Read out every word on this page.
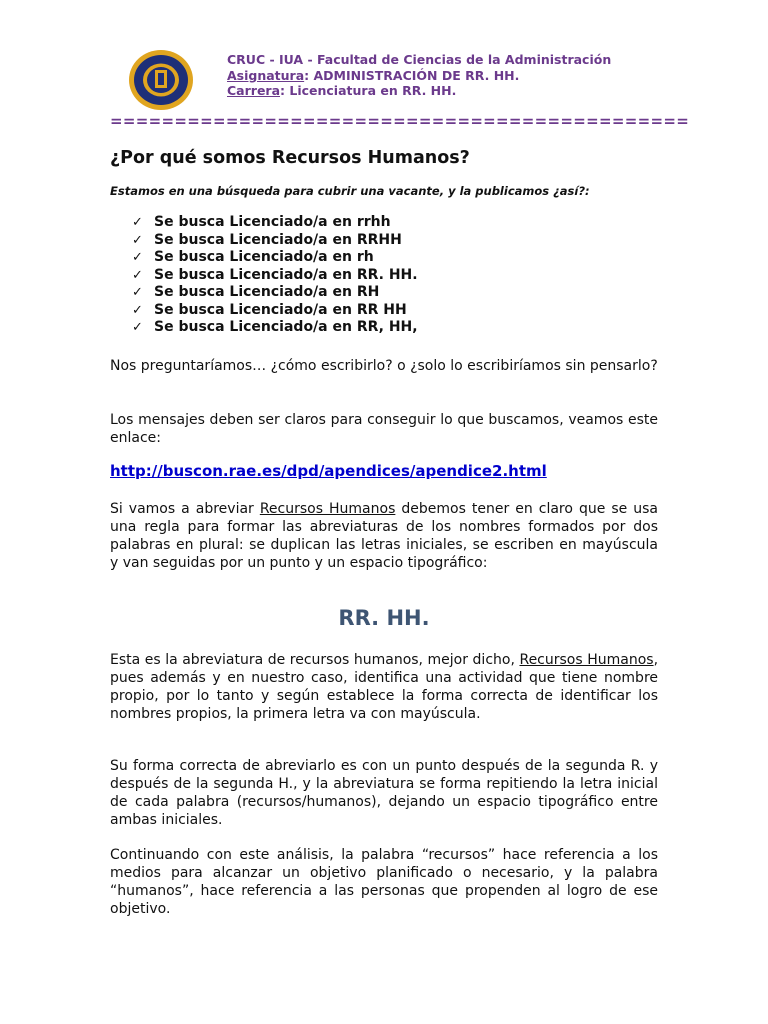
CRUC - IUA - Facultad de Ciencias de la Administración
Asignatura: ADMINISTRACIÓN DE RR. HH.
Carrera: Licenciatura en RR. HH.
=============================================
¿Por qué somos Recursos Humanos?
Estamos en una búsqueda para cubrir una vacante, y la publicamos ¿así?:
✓ Se busca Licenciado/a en rrhh
✓ Se busca Licenciado/a en RRHH
✓ Se busca Licenciado/a en rh
✓ Se busca Licenciado/a en RR. HH.
✓ Se busca Licenciado/a en RH
✓ Se busca Licenciado/a en RR HH
✓ Se busca Licenciado/a en RR, HH,
Nos preguntaríamos… ¿cómo escribirlo? o ¿solo lo escribiríamos sin pensarlo?
Los mensajes deben ser claros para conseguir lo que buscamos, veamos este enlace:
http://buscon.rae.es/dpd/apendices/apendice2.html
Si vamos a abreviar Recursos Humanos debemos tener en claro que se usa una regla para formar las abreviaturas de los nombres formados por dos palabras en plural: se duplican las letras iniciales, se escriben en mayúscula y van seguidas por un punto y un espacio tipográfico:
RR. HH.
Esta es la abreviatura de recursos humanos, mejor dicho, Recursos Humanos, pues además y en nuestro caso, identifica una actividad que tiene nombre propio, por lo tanto y según establece la forma correcta de identificar los nombres propios, la primera letra va con mayúscula.
Su forma correcta de abreviarlo es con un punto después de la segunda R. y después de la segunda H., y la abreviatura se forma repitiendo la letra inicial de cada palabra (recursos/humanos), dejando un espacio tipográfico entre ambas iniciales.
Continuando con este análisis, la palabra “recursos” hace referencia a los medios para alcanzar un objetivo planificado o necesario, y la palabra “humanos”, hace referencia a las personas que propenden al logro de ese objetivo.
